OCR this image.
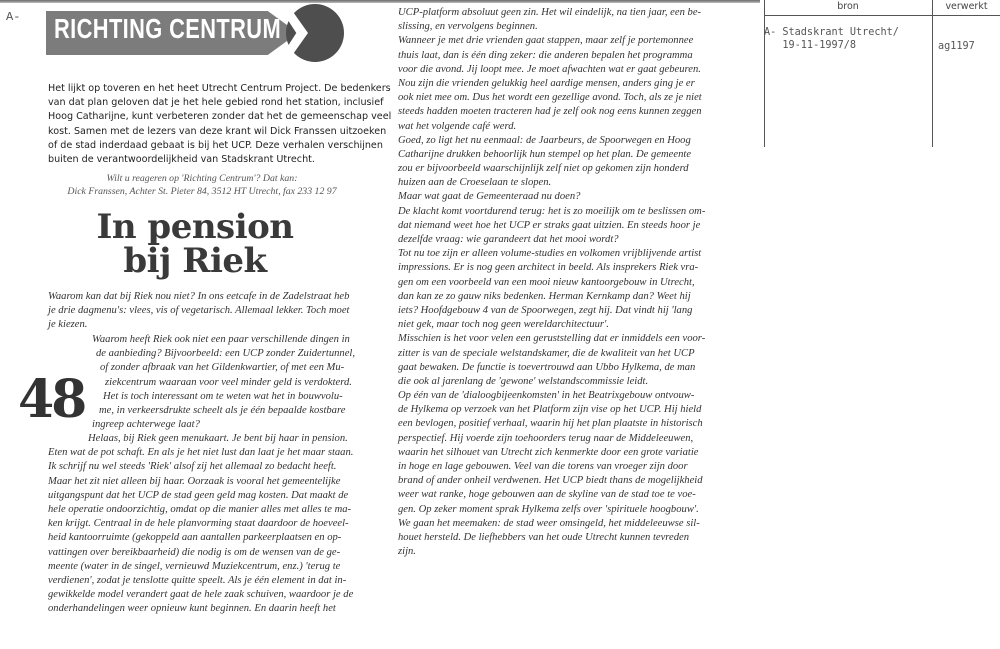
A- RICHTING CENTRUM

Het lijkt op toveren en het heet Utrecht Centrum Project. De bedenkers

van dat plan geloven dat je het hele gebied rond het station, inclusief

Hoog Catharijne, kunt verbeteren zonder dat het de gemeenschap veel

kost. Samen met de lezers van deze krant wil Dick Franssen uitzoeken

of de stad inderdaad gebaat is bij het UCP. Deze verhalen verschijnen

buiten de verantwoordelijkheid van Stadskrant Utrecht.

Wilt u reageren op 'Richting Centrum'? Dat kan:
Dick Franssen, Achter St. Pieter 84, 3512 HT Utrecht, fax 233 12 97
In pension
bij Riek
Waarom kan dat bij Riek nou niet? In ons eetcafe in de Zadelstraat heb
je drie dagmenu's: vlees, vis of vegetarisch. Allemaal lekker. Toch moet
je kiezen.
48
Waarom heeft Riek ook niet een paar verschillende dingen in
de aanbieding? Bijvoorbeeld: een UCP zonder Zuidertunnel,
of zonder afbraak van het Gildenkwartier, of met een Mu-
ziekcentrum waaraan voor veel minder geld is verdokterd.
Het is toch interessant om te weten wat het in bouwvolu-
me, in verkeersdrukte scheelt als je één bepaalde kostbare
ingreep achterwege laat?
Helaas, bij Riek geen menukaart. Je bent bij haar in pension.
Eten wat de pot schaft. En als je het niet lust dan laat je het maar staan.
Ik schrijf nu wel steeds 'Riek' alsof zij het allemaal zo bedacht heeft.
Maar het zit niet alleen bij haar. Oorzaak is vooral het gemeentelijke
uitgangspunt dat het UCP de stad geen geld mag kosten. Dat maakt de
hele operatie ondoorzichtig, omdat op die manier alles met alles te ma-
ken krijgt. Centraal in de hele planvorming staat daardoor de hoeveel-
heid kantoorruimte (gekoppeld aan aantallen parkeerplaatsen en op-
vattingen over bereikbaarheid) die nodig is om de wensen van de ge-
meente (water in de singel, vernieuwd Muziekcentrum, enz.) 'terug te
verdienen', zodat je tenslotte quitte speelt. Als je één element in dat in-
gewikkelde model verandert gaat de hele zaak schuiven, waardoor je de
onderhandelingen weer opnieuw kunt beginnen. En daarin heeft het
UCP-platform absoluut geen zin. Het wil eindelijk, na tien jaar, een be-
slissing, en vervolgens beginnen.
Wanneer je met drie vrienden gaat stappen, maar zelf je portemonnee
thuis laat, dan is één ding zeker: die anderen bepalen het programma
voor die avond. Jij loopt mee. Je moet afwachten wat er gaat gebeuren.
Nou zijn die vrienden gelukkig heel aardige mensen, anders ging je er
ook niet mee om. Dus het wordt een gezellige avond. Toch, als ze je niet
steeds hadden moeten tracteren had je zelf ook nog eens kunnen zeggen
wat het volgende café werd.
Goed, zo ligt het nu eenmaal: de Jaarbeurs, de Spoorwegen en Hoog
Catharijne drukken behoorlijk hun stempel op het plan. De gemeente
zou er bijvoorbeeld waarschijnlijk zelf niet op gekomen zijn honderd
huizen aan de Croeselaan te slopen.
Maar wat gaat de Gemeenteraad nu doen?
De klacht komt voortdurend terug: het is zo moeilijk om te beslissen om-
dat niemand weet hoe het UCP er straks gaat uitzien. En steeds hoor je
dezelfde vraag: wie garandeert dat het mooi wordt?
Tot nu toe zijn er alleen volume-studies en volkomen vrijblijvende artist
impressions. Er is nog geen architect in beeld. Als insprekers Riek vra-
gen om een voorbeeld van een mooi nieuw kantoorgebouw in Utrecht,
dan kan ze zo gauw niks bedenken. Herman Kernkamp dan? Weet hij
iets? Hoofdgebouw 4 van de Spoorwegen, zegt hij. Dat vindt hij 'lang
niet gek, maar toch nog geen wereldarchitectuur'.
Misschien is het voor velen een geruststelling dat er inmiddels een voor-
zitter is van de speciale welstandskamer, die de kwaliteit van het UCP
gaat bewaken. De functie is toevertrouwd aan Ubbo Hylkema, de man
die ook al jarenlang de 'gewone' welstandscommissie leidt.
Op één van de 'dialoogbijeenkomsten' in het Beatrixgebouw ontvouw-
de Hylkema op verzoek van het Platform zijn vise op het UCP. Hij hield
een bevlogen, positief verhaal, waarin hij het plan plaatste in historisch
perspectief. Hij voerde zijn toehoorders terug naar de Middeleeuwen,
waarin het silhouet van Utrecht zich kenmerkte door een grote variatie
in hoge en lage gebouwen. Veel van die torens van vroeger zijn door
brand of ander onheil verdwenen. Het UCP biedt thans de mogelijkheid
weer wat ranke, hoge gebouwen aan de skyline van de stad toe te voe-
gen. Op zeker moment sprak Hylkema zelfs over 'spirituele hoogbouw'.
We gaan het meemaken: de stad weer omsingeld, het middeleeuwse sil-
houet hersteld. De liefhebbers van het oude Utrecht kunnen tevreden
zijn.
bron	verwerkt
A- Stadskrant Utrecht/
19-11-1997/8	ag1197
